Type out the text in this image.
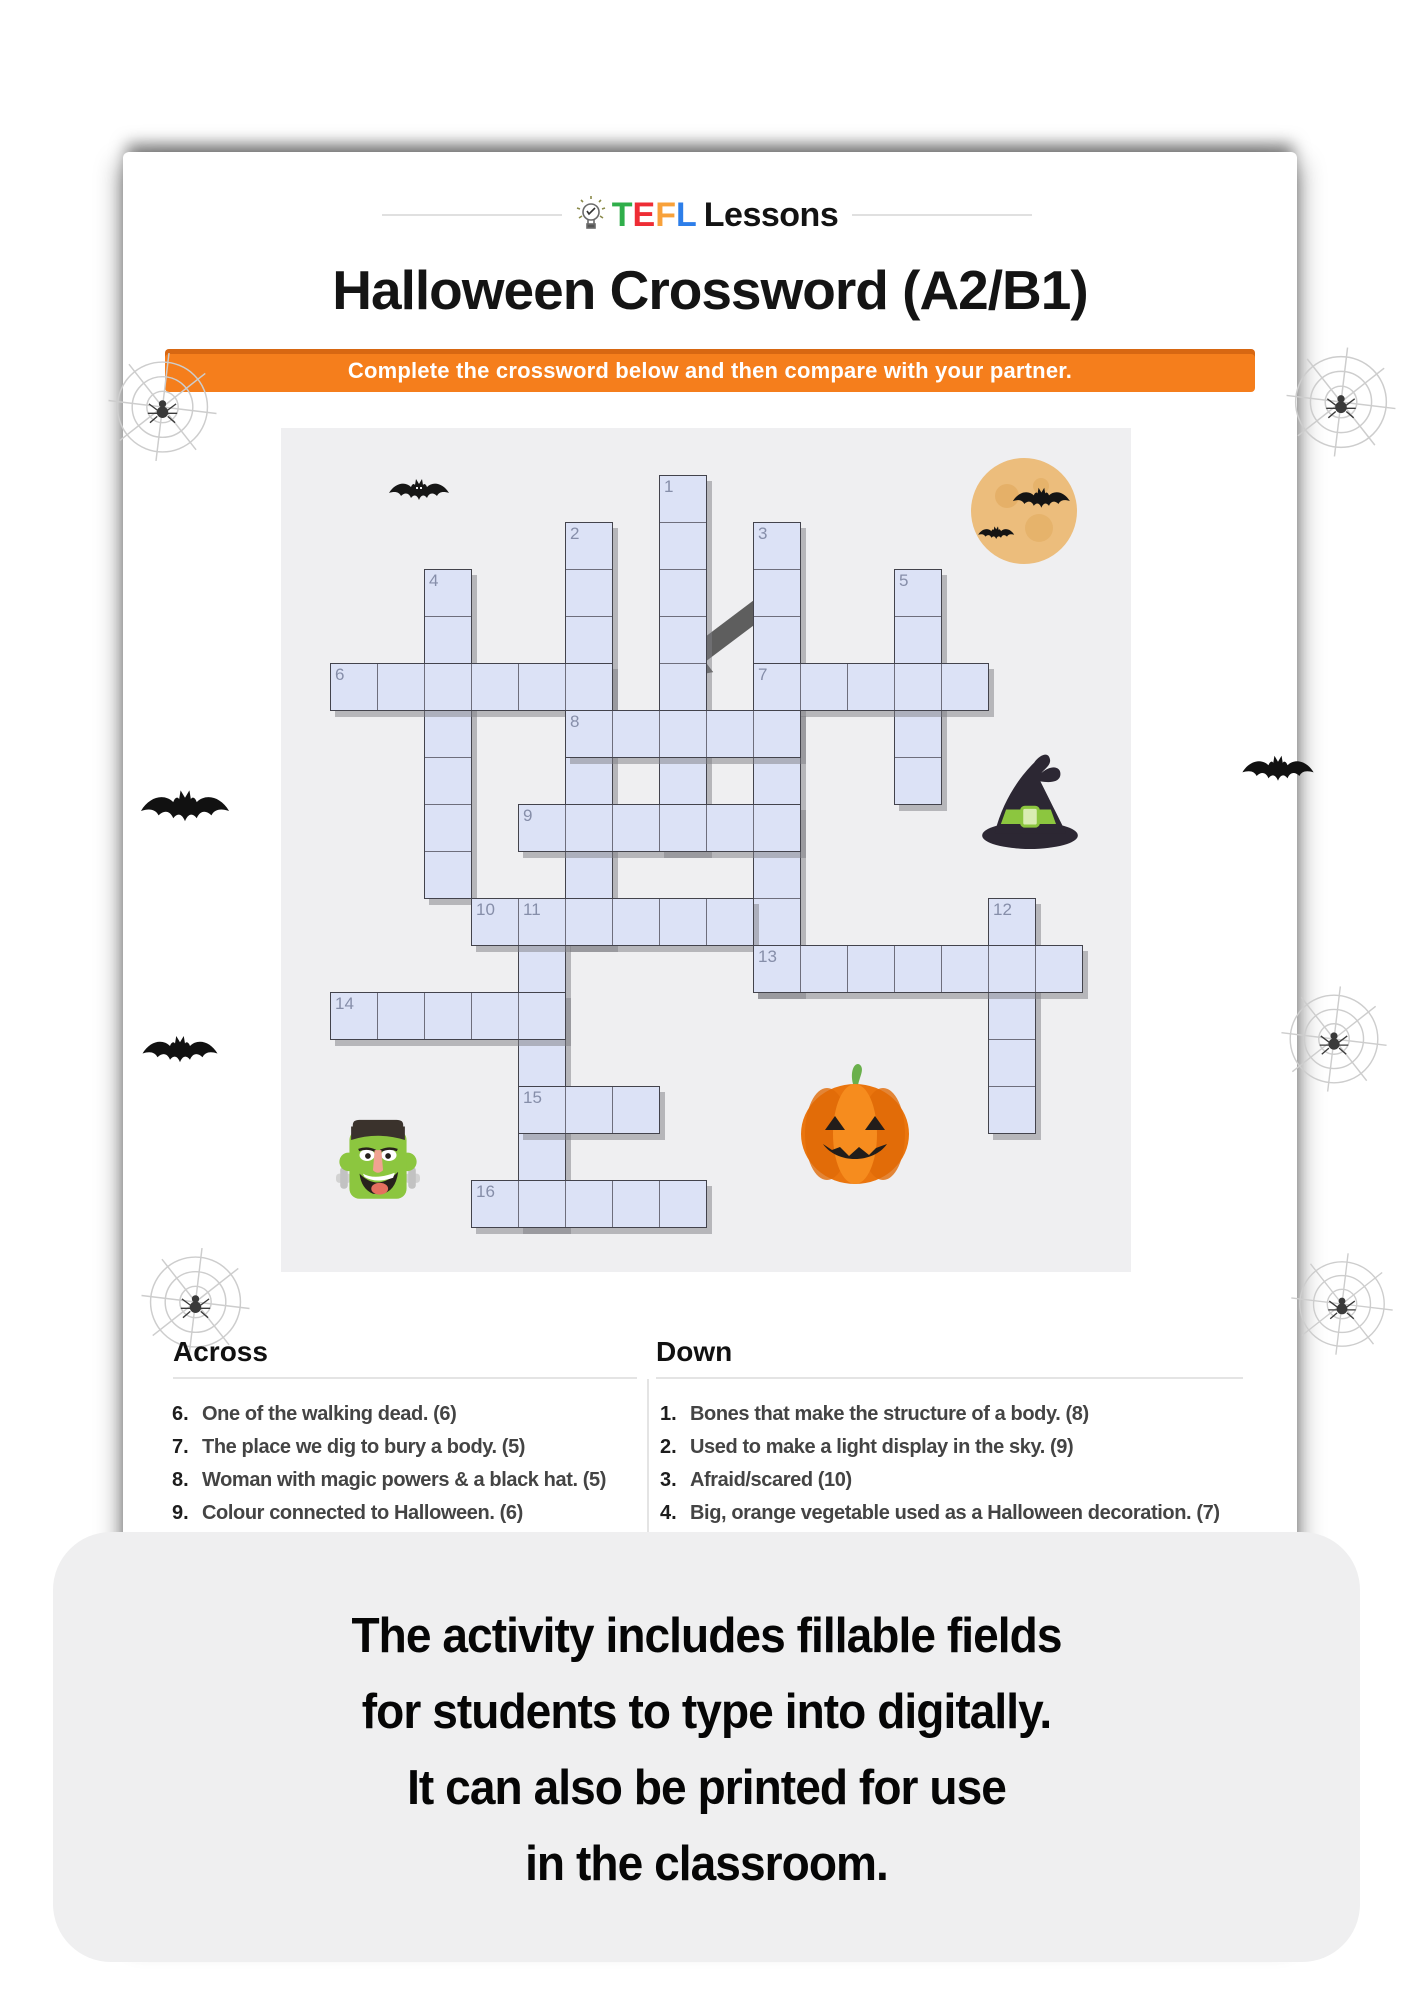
TEFL Lessons
Halloween Crossword (A2/B1)
Complete the crossword below and then compare with your partner.
1
2	3
4	5
6	7
8
9
10 11	12
13
14
15
16
Across	Down
6. One of the walking dead. (6)
7. The place we dig to bury a body. (5)
8. Woman with magic powers & a black hat. (5)
9. Colour connected to Halloween. (6)
1. Bones that make the structure of a body. (8)
2. Used to make a light display in the sky. (9)
3. Afraid/scared (10)
4. Big, orange vegetable used as a Halloween decoration. (7)
The activity includes fillable fields
for students to type into digitally.
It can also be printed for use
in the classroom.
